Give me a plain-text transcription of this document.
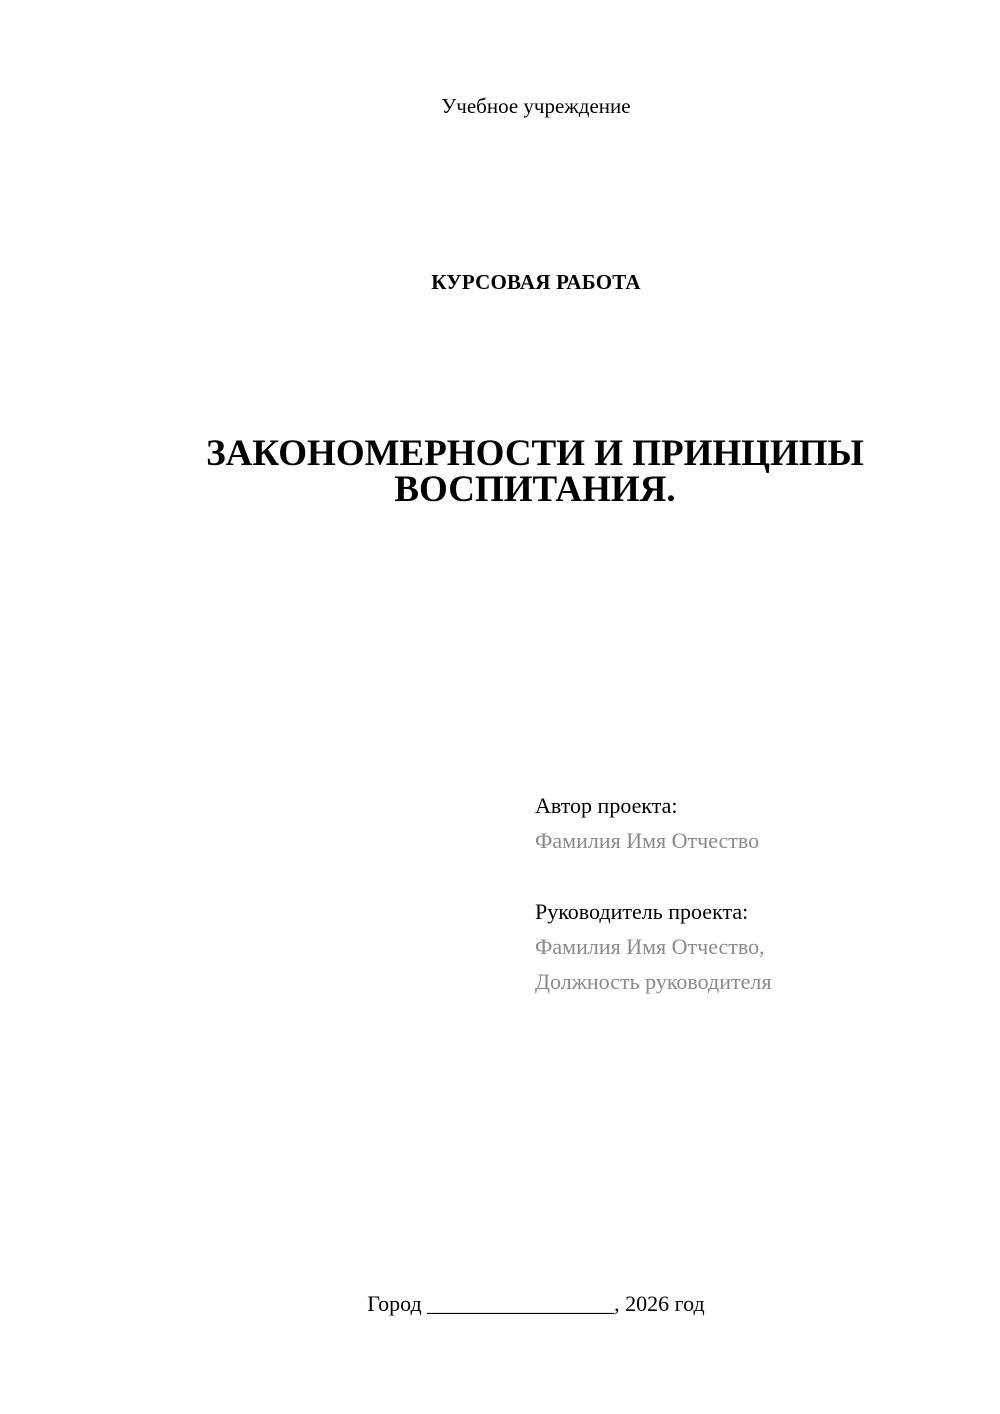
Учебное учреждение
КУРСОВАЯ РАБОТА
ЗАКОНОМЕРНОСТИ И ПРИНЦИПЫ
ВОСПИТАНИЯ.
Автор проекта:
Фамилия Имя Отчество
Руководитель проекта:
Фамилия Имя Отчество,
Должность руководителя
Город _________________, 2026 год
